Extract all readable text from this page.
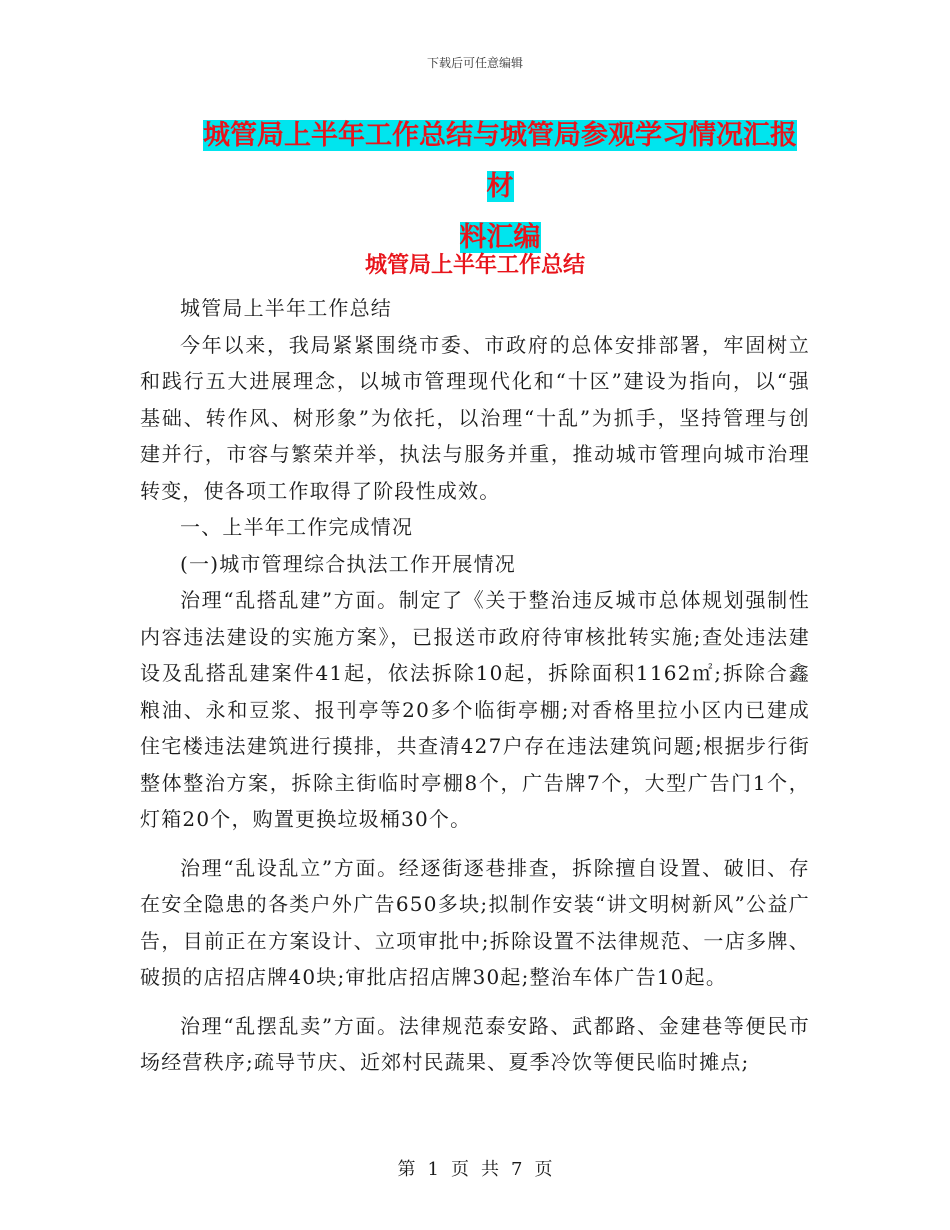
下载后可任意编辑
城管局上半年工作总结与城管局参观学习情况汇报材
料汇编
城管局上半年工作总结

城管局上半年工作总结

今年以来，我局紧紧围绕市委、市政府的总体安排部署，牢固树立和践行五大进展理念，以城市管理现代化和“十区”建设为指向，以“强基础、转作风、树形象”为依托，以治理“十乱”为抓手，坚持管理与创建并行，市容与繁荣并举，执法与服务并重，推动城市管理向城市治理转变，使各项工作取得了阶段性成效。

一、上半年工作完成情况

(一)城市管理综合执法工作开展情况

治理“乱搭乱建”方面。制定了《关于整治违反城市总体规划强制性内容违法建设的实施方案》，已报送市政府待审核批转实施;查处违法建设及乱搭乱建案件41起，依法拆除10起，拆除面积1162㎡;拆除合鑫粮油、永和豆浆、报刊亭等20多个临街亭棚;对香格里拉小区内已建成住宅楼违法建筑进行摸排，共查清427户存在违法建筑问题;根据步行街整体整治方案，拆除主街临时亭棚8个，广告牌7个，大型广告门1个，灯箱20个，购置更换垃圾桶30个。

治理“乱设乱立”方面。经逐街逐巷排查，拆除擅自设置、破旧、存在安全隐患的各类户外广告650多块;拟制作安装“讲文明树新风”公益广告，目前正在方案设计、立项审批中;拆除设置不法律规范、一店多牌、破损的店招店牌40块;审批店招店牌30起;整治车体广告10起。

治理“乱摆乱卖”方面。法律规范泰安路、武都路、金建巷等便民市场经营秩序;疏导节庆、近郊村民蔬果、夏季冷饮等便民临时摊点;

第 1 页 共 7 页
